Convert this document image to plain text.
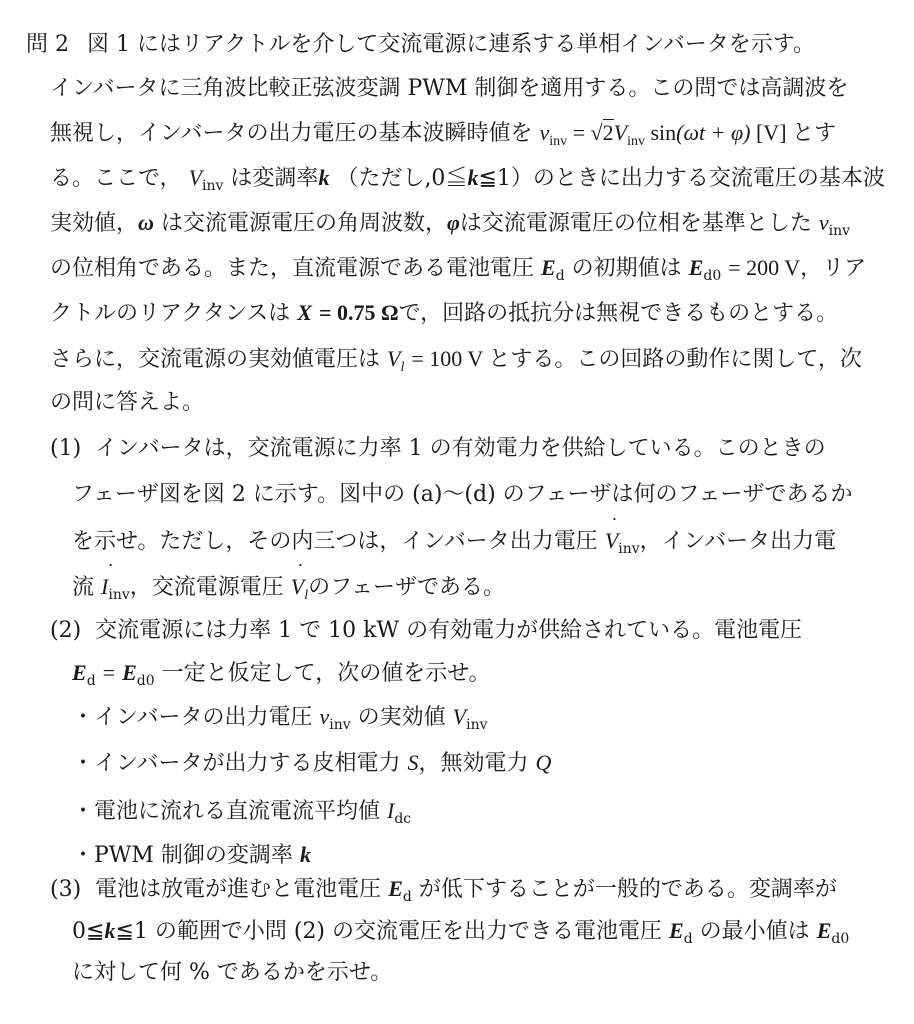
問 2 図 1 にはリアクトルを介して交流電源に連系する単相インバータを示す。
インバータに三角波比較正弦波変調 PWM 制御を適用する。この問では高調波を
無視し，インバータの出力電圧の基本波瞬時値を $v_{inv} = √2V_{inv}$ sin(ωt + φ) [V] とす
る。ここで， $V_{inv}$ は変調率k （ただし,0≦k≦1）のときに出力する交流電圧の基本波
実効値，ω は交流電源電圧の角周波数，φは交流電源電圧の位相を基準とした $v_{inv}$
の位相角である。また，直流電源である電池電圧 $E_d$ の初期値は $E_{d0} = 200$ V，リア
クトルのリアクタンスは X = 0.75 Ωで，回路の抵抗分は無視できるものとする。
さらに，交流電源の実効値電圧は $V_l = 100$ V とする。この回路の動作に関して，次
の問に答えよ。
(1) インバータは，交流電源に力率 1 の有効電力を供給している。このときの
フェーザ図を図 2 に示す。図中の (a)～(d) のフェーザは何のフェーザであるか
を示せ。ただし，その内三つは，インバータ出力電圧 ˙ $V_{inv}$，インバータ出力電
流 ˙ $I_{inv}$，交流電源電圧 ˙ $V_l$のフェーザである。
(2) 交流電源には力率 1 で 10 kW の有効電力が供給されている。電池電圧
$E_d = E_{d0}$ 一定と仮定して，次の値を示せ。
・インバータの出力電圧 $v_{inv}$ の実効値 $V_{inv}$
・インバータが出力する皮相電力 S，無効電力 Q
・電池に流れる直流電流平均値 $I_{dc}$
・PWM 制御の変調率 k
(3) 電池は放電が進むと電池電圧 $E_d$ が低下することが一般的である。変調率が
0≦k≦1 の範囲で小問 (2) の交流電圧を出力できる電池電圧 $E_d$ の最小値は $E_{d0}$
に対して何 % であるかを示せ。
